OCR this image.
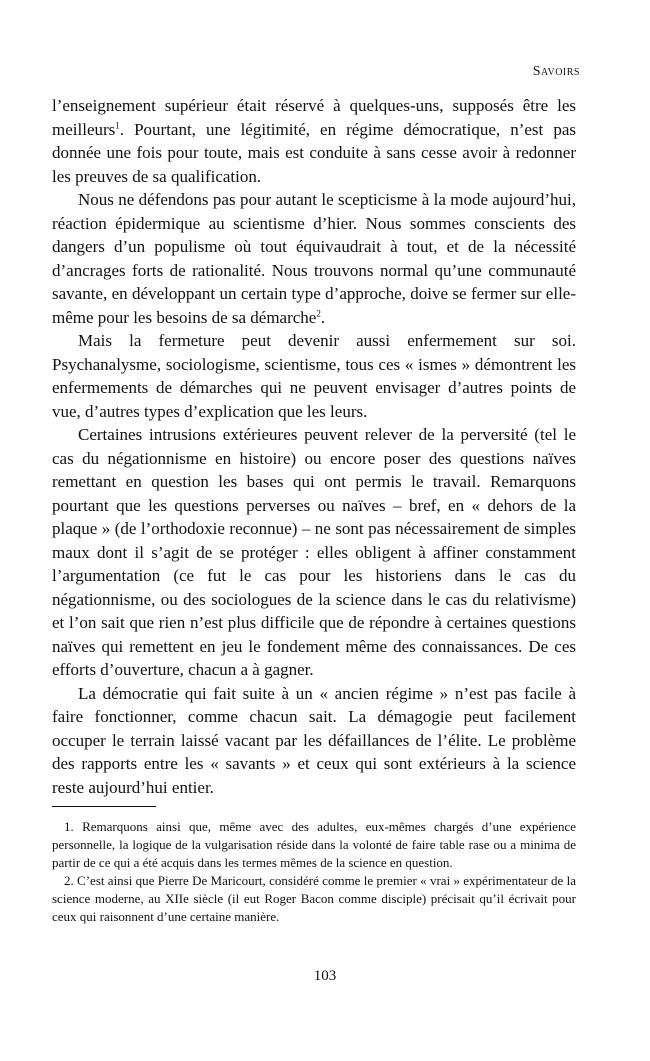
Savoirs

l’enseignement supérieur était réservé à quelques-uns, supposés être les meilleurs$^1$. Pourtant, une légitimité, en régime démocratique, n’est pas donnée une fois pour toute, mais est conduite à sans cesse avoir à redonner les preuves de sa qualification.

Nous ne défendons pas pour autant le scepticisme à la mode aujourd’hui, réaction épidermique au scientisme d’hier. Nous sommes conscients des dangers d’un populisme où tout équivaudrait à tout, et de la nécessité d’ancrages forts de rationalité. Nous trouvons normal qu’une communauté savante, en développant un certain type d’approche, doive se fermer sur elle-même pour les besoins de sa démarche$^2$.

Mais la fermeture peut devenir aussi enfermement sur soi. Psychanalysme, sociologisme, scientisme, tous ces « ismes » démontrent les enfermements de démarches qui ne peuvent envisager d’autres points de vue, d’autres types d’explication que les leurs.

Certaines intrusions extérieures peuvent relever de la perversité (tel le cas du négationnisme en histoire) ou encore poser des questions naïves remettant en question les bases qui ont permis le travail. Remarquons pourtant que les questions perverses ou naïves – bref, en « dehors de la plaque » (de l’orthodoxie reconnue) – ne sont pas nécessairement de simples maux dont il s’agit de se protéger : elles obligent à affiner constamment l’argumentation (ce fut le cas pour les historiens dans le cas du négationnisme, ou des sociologues de la science dans le cas du relativisme) et l’on sait que rien n’est plus difficile que de répondre à certaines questions naïves qui remettent en jeu le fondement même des connaissances. De ces efforts d’ouverture, chacun a à gagner.

La démocratie qui fait suite à un « ancien régime » n’est pas facile à faire fonctionner, comme chacun sait. La démagogie peut facilement occuper le terrain laissé vacant par les défaillances de l’élite. Le problème des rapports entre les « savants » et ceux qui sont extérieurs à la science reste aujourd’hui entier.

1. Remarquons ainsi que, même avec des adultes, eux-mêmes chargés d’une expérience personnelle, la logique de la vulgarisation réside dans la volonté de faire table rase ou a minima de partir de ce qui a été acquis dans les termes mêmes de la science en question.

2. C’est ainsi que Pierre De Maricourt, considéré comme le premier « vrai » expérimentateur de la science moderne, au XIIe siècle (il eut Roger Bacon comme disciple) précisait qu’il écrivait pour ceux qui raisonnent d’une certaine manière.

103
